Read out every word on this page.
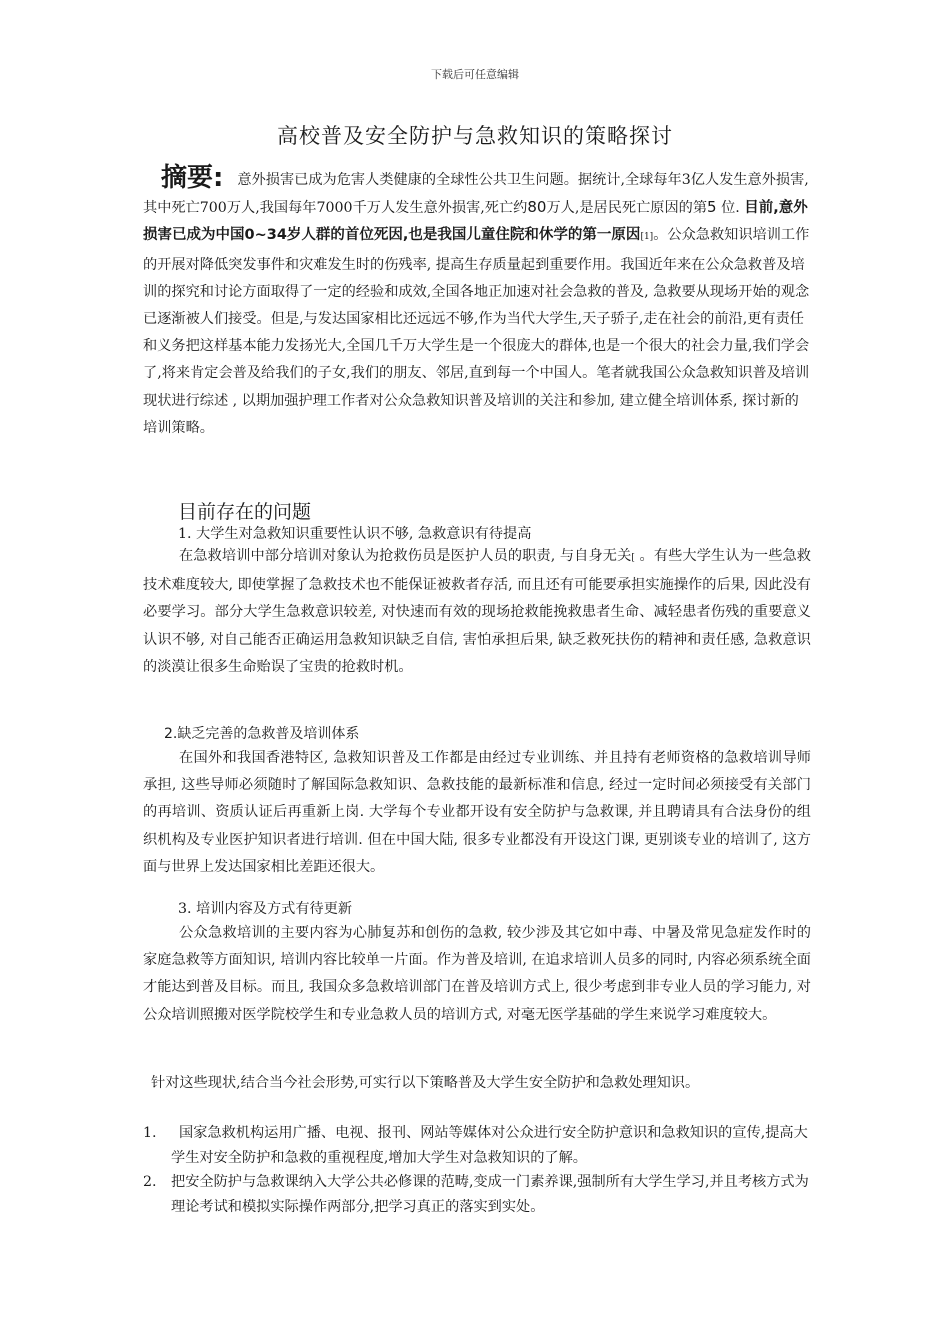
下载后可任意编辑
高校普及安全防护与急救知识的策略探讨
摘要: 意外损害已成为危害人类健康的全球性公共卫生问题。据统计,全球每年3亿人发生意外损害,其中死亡700万人,我国每年7000千万人发生意外损害,死亡约80万人,是居民死亡原因的第5 位. 目前,意外损害已成为中国0~34岁人群的首位死因,也是我国儿童住院和休学的第一原因[1]。公众急救知识培训工作的开展对降低突发事件和灾难发生时的伤残率, 提高生存质量起到重要作用。我国近年来在公众急救普及培训的探究和讨论方面取得了一定的经验和成效,全国各地正加速对社会急救的普及, 急救要从现场开始的观念已逐渐被人们接受。但是,与发达国家相比还远远不够,作为当代大学生,天子骄子,走在社会的前沿,更有责任和义务把这样基本能力发扬光大,全国几千万大学生是一个很庞大的群体,也是一个很大的社会力量,我们学会了,将来肯定会普及给我们的子女,我们的朋友、邻居,直到每一个中国人。笔者就我国公众急救知识普及培训现状进行综述 , 以期加强护理工作者对公众急救知识普及培训的关注和参加, 建立健全培训体系, 探讨新的培训策略。
目前存在的问题
1. 大学生对急救知识重要性认识不够, 急救意识有待提高
在急救培训中部分培训对象认为抢救伤员是医护人员的职责, 与自身无关[ 。有些大学生认为一些急救技术难度较大, 即使掌握了急救技术也不能保证被救者存活, 而且还有可能要承担实施操作的后果, 因此没有必要学习。部分大学生急救意识较差, 对快速而有效的现场抢救能挽救患者生命、减轻患者伤残的重要意义认识不够, 对自己能否正确运用急救知识缺乏自信, 害怕承担后果, 缺乏救死扶伤的精神和责任感, 急救意识的淡漠让很多生命贻误了宝贵的抢救时机。
2.缺乏完善的急救普及培训体系
在国外和我国香港特区, 急救知识普及工作都是由经过专业训练、并且持有老师资格的急救培训导师承担, 这些导师必须随时了解国际急救知识、急救技能的最新标准和信息, 经过一定时间必须接受有关部门的再培训、资质认证后再重新上岗. 大学每个专业都开设有安全防护与急救课, 并且聘请具有合法身份的组织机构及专业医护知识者进行培训. 但在中国大陆, 很多专业都没有开设这门课, 更别谈专业的培训了, 这方面与世界上发达国家相比差距还很大。
3. 培训内容及方式有待更新
公众急救培训的主要内容为心肺复苏和创伤的急救, 较少涉及其它如中毒、中暑及常见急症发作时的家庭急救等方面知识, 培训内容比较单一片面。作为普及培训, 在追求培训人员多的同时, 内容必须系统全面才能达到普及目标。而且, 我国众多急救培训部门在普及培训方式上, 很少考虑到非专业人员的学习能力, 对公众培训照搬对医学院校学生和专业急救人员的培训方式, 对毫无医学基础的学生来说学习难度较大。
针对这些现状,结合当今社会形势,可实行以下策略普及大学生安全防护和急救处理知识。
1.	国家急救机构运用广播、电视、报刊、网站等媒体对公众进行安全防护意识和急救知识的宣传,提高大学生对安全防护和急救的重视程度,增加大学生对急救知识的了解。
2. 把安全防护与急救课纳入大学公共必修课的范畴,变成一门素养课,强制所有大学生学习,并且考核方式为理论考试和模拟实际操作两部分,把学习真正的落实到实处。
